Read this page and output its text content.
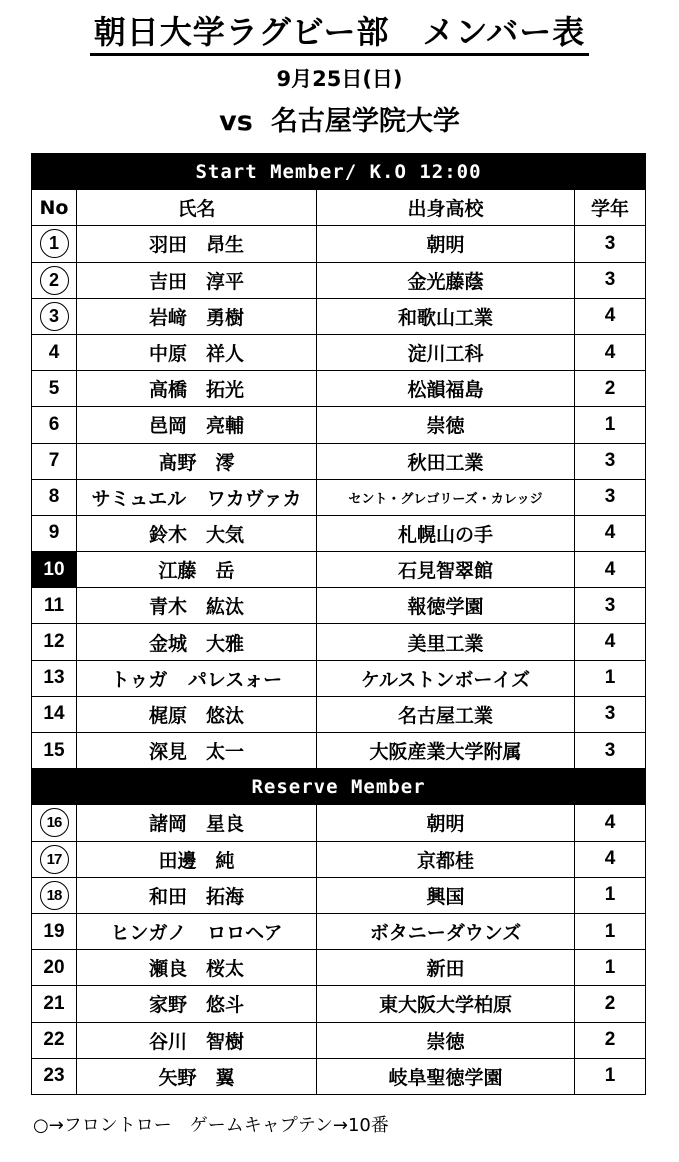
朝日大学ラグビー部　メンバー表
9月25日(日)
vs 名古屋学院大学
Start Member/ K.O 12:00			
No	氏名	出身高校	学年
1	羽田　昂生	朝明	3
2	吉田　淳平	金光藤蔭	3
3	岩﨑　勇樹	和歌山工業	4
4	中原　祥人	淀川工科	4
5	高橋　拓光	松韻福島	2
6	邑岡　亮輔	崇徳	1
7	髙野　澪	秋田工業	3
8	サミュエル ワカヴァカ	セント・グレゴリーズ・カレッジ	3
9	鈴木　大気	札幌山の手	4
10	江藤　岳	石見智翠館	4
11	青木　紘汰	報徳学園	3
12	金城　大雅	美里工業	4
13	トゥガ パレスォー	ケルストンボーイズ	1
14	梶原　悠汰	名古屋工業	3
15	深見　太一	大阪産業大学附属	3
Reserve Member			
16	諸岡　星良	朝明	4
17	田邊　純	京都桂	4
18	和田　拓海	興国	1
19	ヒンガノ ロロヘア	ボタニーダウンズ	1
20	瀬良　桜太	新田	1
21	家野　悠斗	東大阪大学柏原	2
22	谷川　智樹	崇徳	2
23	矢野　翼	岐阜聖徳学園	1
○→フロントロー　ゲームキャプテン→10番
